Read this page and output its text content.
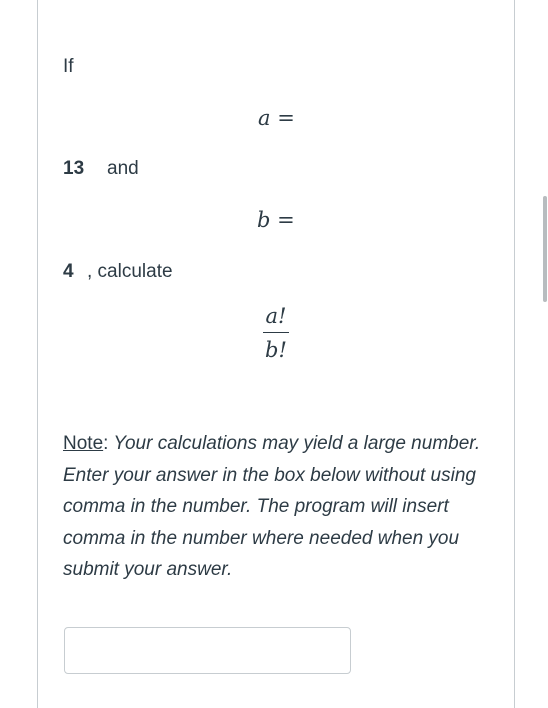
If
a =
13 and
b =
4 , calculate
a!
b!
Note: Your calculations may yield a large number. Enter your answer in the box below without using comma in the number. The program will insert comma in the number where needed when you submit your answer.
